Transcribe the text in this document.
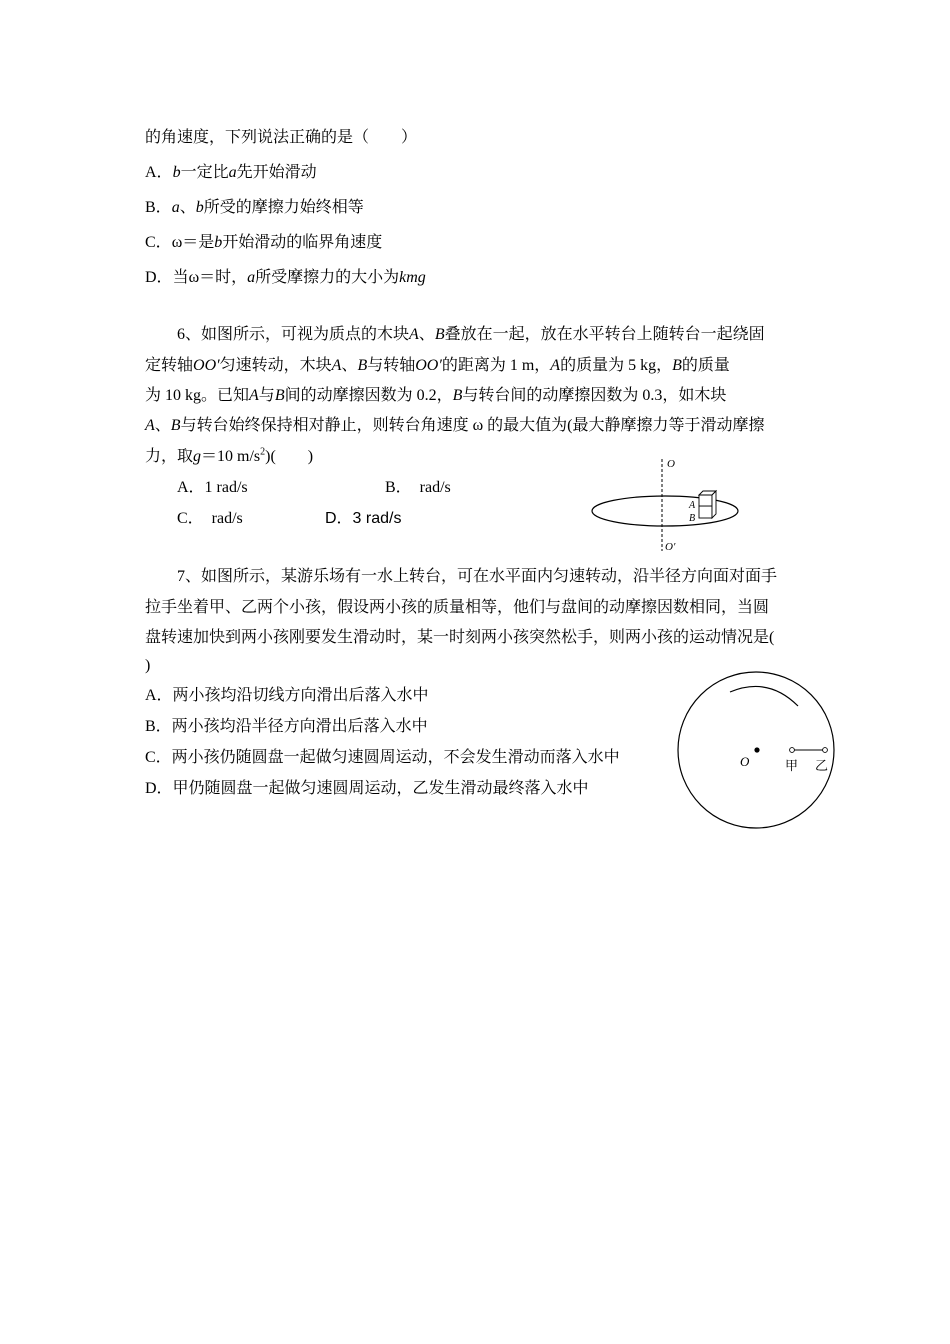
的角速度，下列说法正确的是（　　）
A．b一定比a先开始滑动
B．a、b所受的摩擦力始终相等
C．ω＝是b开始滑动的临界角速度
D．当ω＝时，a所受摩擦力的大小为kmg
6、如图所示，可视为质点的木块A、B叠放在一起，放在水平转台上随转台一起绕固
定转轴OO′匀速转动，木块A、B与转轴OO′的距离为 1 m，A的质量为 5 kg，B的质量
为 10 kg。已知A与B间的动摩擦因数为 0.2，B与转台间的动摩擦因数为 0.3，如木块
A、B与转台始终保持相对静止，则转台角速度 ω 的最大值为(最大静摩擦力等于滑动摩擦
力，取g＝10 $m/s^2$)(　　)
A．1 rad/s	B．　rad/s
C．　rad/s	D．3 rad/s
O
O′
A
B
7、如图所示，某游乐场有一水上转台，可在水平面内匀速转动，沿半径方向面对面手
拉手坐着甲、乙两个小孩，假设两小孩的质量相等，他们与盘间的动摩擦因数相同，当圆
盘转速加快到两小孩刚要发生滑动时，某一时刻两小孩突然松手，则两小孩的运动情况是(
)
A．两小孩均沿切线方向滑出后落入水中
B．两小孩均沿半径方向滑出后落入水中
C．两小孩仍随圆盘一起做匀速圆周运动，不会发生滑动而落入水中
D．甲仍随圆盘一起做匀速圆周运动，乙发生滑动最终落入水中
O	甲 乙
